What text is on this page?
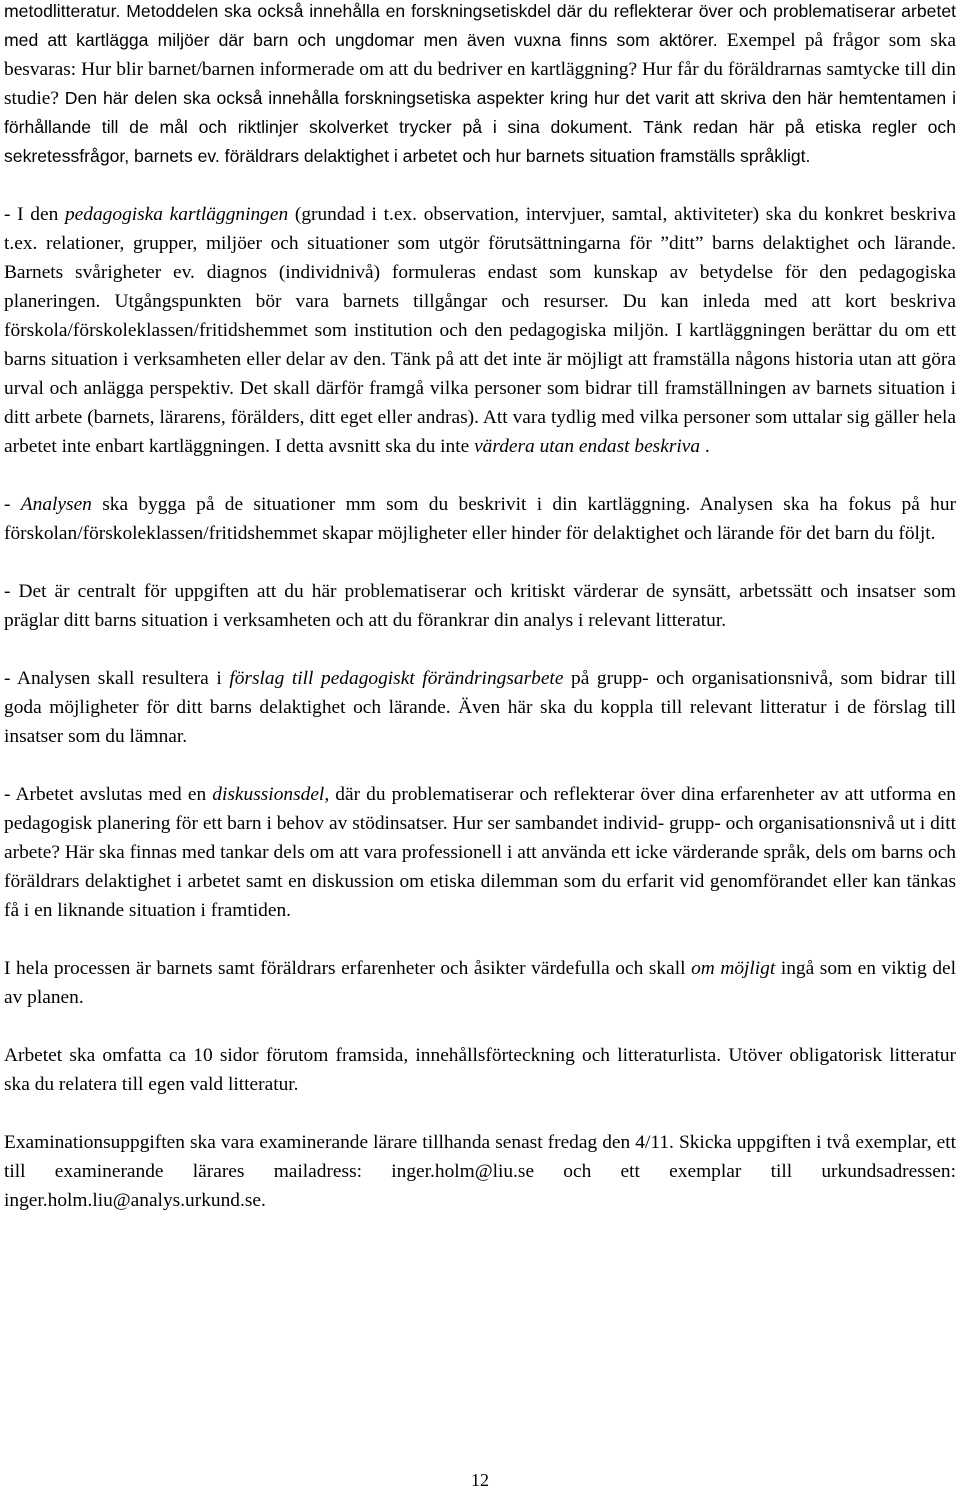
metodlitteratur. Metoddelen ska också innehålla en forskningsetiskdel där du reflekterar över och problematiserar arbetet med att kartlägga miljöer där barn och ungdomar men även vuxna finns som aktörer. Exempel på frågor som ska besvaras: Hur blir barnet/barnen informerade om att du bedriver en kartläggning? Hur får du föräldrarnas samtycke till din studie? Den här delen ska också innehålla forskningsetiska aspekter kring hur det varit att skriva den här hemtentamen i förhållande till de mål och riktlinjer skolverket trycker på i sina dokument. Tänk redan här på etiska regler och sekretessfrågor, barnets ev. föräldrars delaktighet i arbetet och hur barnets situation framställs språkligt.

- I den pedagogiska kartläggningen (grundad i t.ex. observation, intervjuer, samtal, aktiviteter) ska du konkret beskriva t.ex. relationer, grupper, miljöer och situationer som utgör förutsättningarna för ”ditt” barns delaktighet och lärande. Barnets svårigheter ev. diagnos (individnivå) formuleras endast som kunskap av betydelse för den pedagogiska planeringen. Utgångspunkten bör vara barnets tillgångar och resurser. Du kan inleda med att kort beskriva förskola/förskoleklassen/fritidshemmet som institution och den pedagogiska miljön. I kartläggningen berättar du om ett barns situation i verksamheten eller delar av den. Tänk på att det inte är möjligt att framställa någons historia utan att göra urval och anlägga perspektiv. Det skall därför framgå vilka personer som bidrar till framställningen av barnets situation i ditt arbete (barnets, lärarens, förälders, ditt eget eller andras). Att vara tydlig med vilka personer som uttalar sig gäller hela arbetet inte enbart kartläggningen. I detta avsnitt ska du inte värdera utan endast beskriva .

- Analysen ska bygga på de situationer mm som du beskrivit i din kartläggning. Analysen ska ha fokus på hur förskolan/förskoleklassen/fritidshemmet skapar möjligheter eller hinder för delaktighet och lärande för det barn du följt.

- Det är centralt för uppgiften att du här problematiserar och kritiskt värderar de synsätt, arbetssätt och insatser som präglar ditt barns situation i verksamheten och att du förankrar din analys i relevant litteratur.

- Analysen skall resultera i förslag till pedagogiskt förändringsarbete på grupp- och organisationsnivå, som bidrar till goda möjligheter för ditt barns delaktighet och lärande. Även här ska du koppla till relevant litteratur i de förslag till insatser som du lämnar.

- Arbetet avslutas med en diskussionsdel, där du problematiserar och reflekterar över dina erfarenheter av att utforma en pedagogisk planering för ett barn i behov av stödinsatser. Hur ser sambandet individ- grupp- och organisationsnivå ut i ditt arbete? Här ska finnas med tankar dels om att vara professionell i att använda ett icke värderande språk, dels om barns och föräldrars delaktighet i arbetet samt en diskussion om etiska dilemman som du erfarit vid genomförandet eller kan tänkas få i en liknande situation i framtiden.

I hela processen är barnets samt föräldrars erfarenheter och åsikter värdefulla och skall om möjligt ingå som en viktig del av planen.

Arbetet ska omfatta ca 10 sidor förutom framsida, innehållsförteckning och litteraturlista. Utöver obligatorisk litteratur ska du relatera till egen vald litteratur.

Examinationsuppgiften ska vara examinerande lärare tillhanda senast fredag den 4/11. Skicka uppgiften i två exemplar, ett till examinerande lärares mailadress: inger.holm@liu.se och ett exemplar till urkundsadressen: inger.holm.liu@analys.urkund.se.

12
